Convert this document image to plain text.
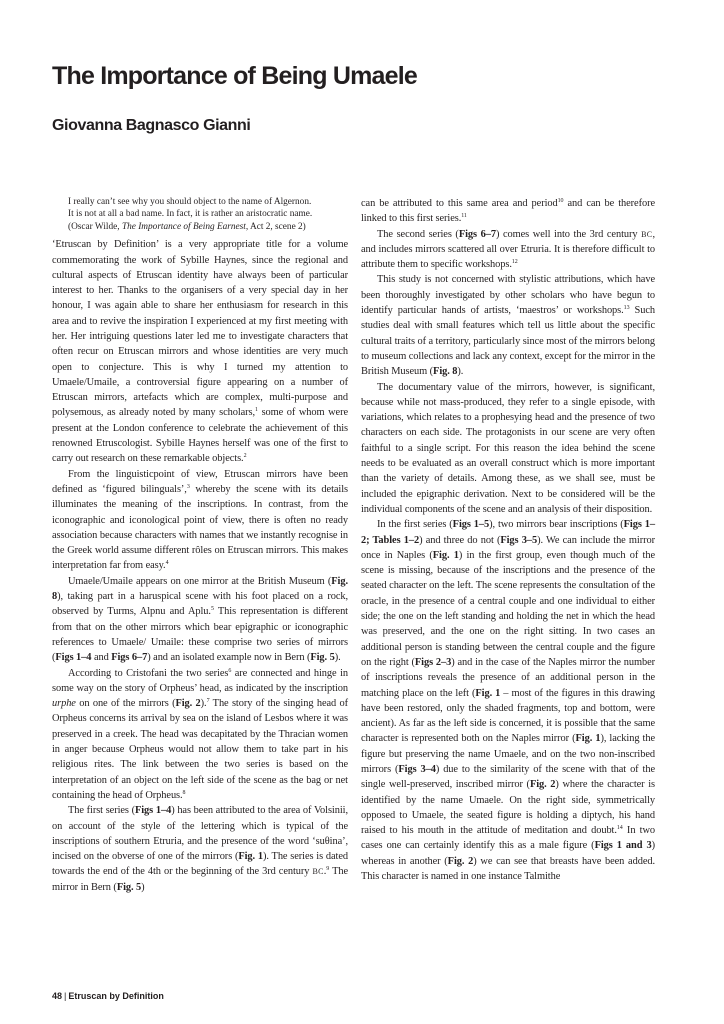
The Importance of Being Umaele
Giovanna Bagnasco Gianni

I really can’t see why you should object to the name of Algernon.

It is not at all a bad name. In fact, it is rather an aristocratic name.

(Oscar Wilde, The Importance of Being Earnest, Act 2, scene 2)

‘Etruscan by Definition’ is a very appropriate title for a volume commemorating the work of Sybille Haynes, since the regional and cultural aspects of Etruscan identity have always been of particular interest to her. Thanks to the organisers of a very special day in her honour, I was again able to share her enthusiasm for research in this area and to revive the inspiration I experienced at my first meeting with her. Her intriguing questions later led me to investigate characters that often recur on Etruscan mirrors and whose identities are very much open to conjecture. This is why I turned my attention to Umaele/Umaile, a controversial figure appearing on a number of Etruscan mirrors, artefacts which are complex, multi-purpose and polysemous, as already noted by many scholars,$^1$ some of whom were present at the London conference to celebrate the achievement of this renowned Etruscologist. Sybille Haynes herself was one of the first to carry out research on these remarkable objects.$^2$

From the linguisticpoint of view, Etruscan mirrors have been defined as ‘figured bilinguals’,$^3$ whereby the scene with its details illuminates the meaning of the inscriptions. In contrast, from the iconographic and iconological point of view, there is often no ready association because characters with names that we instantly recognise in the Greek world assume different rôles on Etruscan mirrors. This makes interpretation far from easy.$^4$

Umaele/Umaile appears on one mirror at the British Museum (Fig. 8), taking part in a haruspical scene with his foot placed on a rock, observed by Turms, Alpnu and Aplu.$^5$ This representation is different from that on the other mirrors which bear epigraphic or iconographic references to Umaele/ Umaile: these comprise two series of mirrors (Figs 1–4 and Figs 6–7) and an isolated example now in Bern (Fig. 5).

According to Cristofani the two series$^6$ are connected and hinge in some way on the story of Orpheus’ head, as indicated by the inscription urphe on one of the mirrors (Fig. 2).$^7$ The story of the singing head of Orpheus concerns its arrival by sea on the island of Lesbos where it was preserved in a creek. The head was decapitated by the Thracian women in anger because Orpheus would not allow them to take part in his religious rites. The link between the two series is based on the interpretation of an object on the left side of the scene as the bag or net containing the head of Orpheus.$^8$

The first series (Figs 1–4) has been attributed to the area of Volsinii, on account of the style of the lettering which is typical of the inscriptions of southern Etruria, and the presence of the word ‘suθina’, incised on the obverse of one of the mirrors (Fig. 1). The series is dated towards the end of the 4th or the beginning of the 3rd century BC.$^9$ The mirror in Bern (Fig. 5)

can be attributed to this same area and period$^{10}$ and can be therefore linked to this first series.$^{11}$

The second series (Figs 6–7) comes well into the 3rd century BC, and includes mirrors scattered all over Etruria. It is therefore difficult to attribute them to specific workshops.$^{12}$

This study is not concerned with stylistic attributions, which have been thoroughly investigated by other scholars who have begun to identify particular hands of artists, ‘maestros’ or workshops.$^{13}$ Such studies deal with small features which tell us little about the specific cultural traits of a territory, particularly since most of the mirrors belong to museum collections and lack any context, except for the mirror in the British Museum (Fig. 8).

The documentary value of the mirrors, however, is significant, because while not mass-produced, they refer to a single episode, with variations, which relates to a prophesying head and the presence of two characters on each side. The protagonists in our scene are very often faithful to a single script. For this reason the idea behind the scene needs to be evaluated as an overall construct which is more important than the variety of details. Among these, as we shall see, must be included the epigraphic derivation. Next to be considered will be the individual components of the scene and an analysis of their disposition.

In the first series (Figs 1–5), two mirrors bear inscriptions (Figs 1–2; Tables 1–2) and three do not (Figs 3–5). We can include the mirror once in Naples (Fig. 1) in the first group, even though much of the scene is missing, because of the inscriptions and the presence of the seated character on the left. The scene represents the consultation of the oracle, in the presence of a central couple and one individual to either side; the one on the left standing and holding the net in which the head was preserved, and the one on the right sitting. In two cases an additional person is standing between the central couple and the figure on the right (Figs 2–3) and in the case of the Naples mirror the number of inscriptions reveals the presence of an additional person in the matching place on the left (Fig. 1 – most of the figures in this drawing have been restored, only the shaded fragments, top and bottom, were ancient). As far as the left side is concerned, it is possible that the same character is represented both on the Naples mirror (Fig. 1), lacking the figure but preserving the name Umaele, and on the two non-inscribed mirrors (Figs 3–4) due to the similarity of the scene with that of the single well-preserved, inscribed mirror (Fig. 2) where the character is identified by the name Umaele. On the right side, symmetrically opposed to Umaele, the seated figure is holding a diptych, his hand raised to his mouth in the attitude of meditation and doubt.$^{14}$ In two cases one can certainly identify this as a male figure (Figs 1 and 3) whereas in another (Fig. 2) we can see that breasts have been added. This character is named in one instance Talmithe

48 | Etruscan by Definition
